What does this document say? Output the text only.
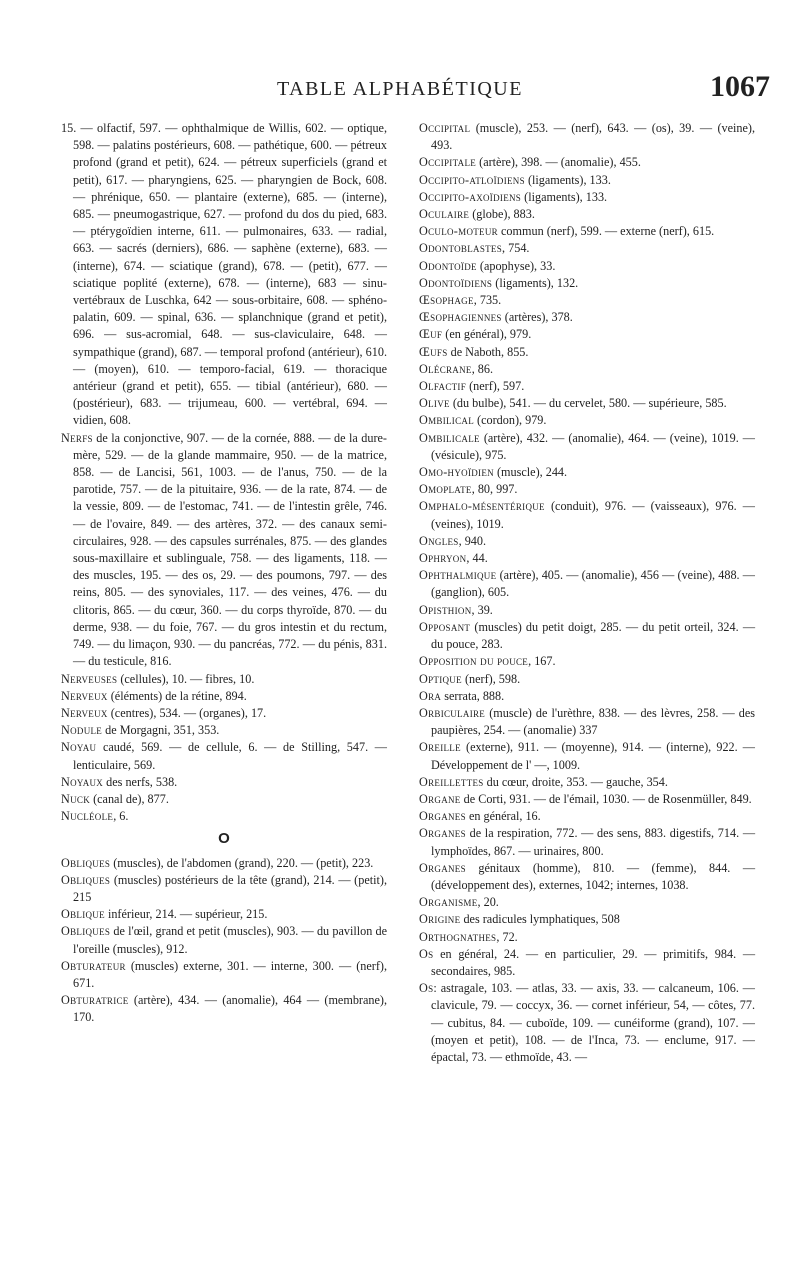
TABLE ALPHABÉTIQUE	1067

15. — olfactif, 597. — ophthalmique de Willis, 602. — optique, 598. — palatins postérieurs, 608. — pathétique, 600. — pétreux profond (grand et petit), 624. — pétreux superficiels (grand et petit), 617. — pharyngiens, 625. — pharyngien de Bock, 608. — phrénique, 650. — plantaire (externe), 685. — (interne), 685. — pneumogastrique, 627. — profond du dos du pied, 683. — ptérygoïdien interne, 611. — pulmonaires, 633. — radial, 663. — sacrés (derniers), 686. — saphène (externe), 683. — (interne), 674. — sciatique (grand), 678. — (petit), 677. — sciatique poplité (externe), 678. — (interne), 683 — sinu-vertébraux de Luschka, 642 — sous-orbitaire, 608. — sphéno-palatin, 609. — spinal, 636. — splanchnique (grand et petit), 696. — sus-acromial, 648. — sus-claviculaire, 648. — sympathique (grand), 687. — temporal profond (antérieur), 610. — (moyen), 610. — temporo-facial, 619. — thoracique antérieur (grand et petit), 655. — tibial (antérieur), 680. — (postérieur), 683. — trijumeau, 600. — vertébral, 694. — vidien, 608.

Nerfs de la conjonctive, 907. — de la cornée, 888. — de la dure-mère, 529. — de la glande mammaire, 950. — de la matrice, 858. — de Lancisi, 561, 1003. — de l'anus, 750. — de la parotide, 757. — de la pituitaire, 936. — de la rate, 874. — de la vessie, 809. — de l'estomac, 741. — de l'intestin grêle, 746. — de l'ovaire, 849. — des artères, 372. — des canaux semi-circulaires, 928. — des capsules surrénales, 875. — des glandes sous-maxillaire et sublinguale, 758. — des ligaments, 118. — des muscles, 195. — des os, 29. — des poumons, 797. — des reins, 805. — des synoviales, 117. — des veines, 476. — du clitoris, 865. — du cœur, 360. — du corps thyroïde, 870. — du derme, 938. — du foie, 767. — du gros intestin et du rectum, 749. — du limaçon, 930. — du pancréas, 772. — du pénis, 831. — du testicule, 816.

Nerveuses (cellules), 10. — fibres, 10.

Nerveux (éléments) de la rétine, 894.

Nerveux (centres), 534. — (organes), 17.

Nodule de Morgagni, 351, 353.

Noyau caudé, 569. — de cellule, 6. — de Stilling, 547. — lenticulaire, 569.

Noyaux des nerfs, 538.

Nuck (canal de), 877.

Nucléole, 6.

O

Obliques (muscles), de l'abdomen (grand), 220. — (petit), 223.

Obliques (muscles) postérieurs de la tête (grand), 214. — (petit), 215

Oblique inférieur, 214. — supérieur, 215.

Obliques de l'œil, grand et petit (muscles), 903. — du pavillon de l'oreille (muscles), 912.

Obturateur (muscles) externe, 301. — interne, 300. — (nerf), 671.

Obturatrice (artère), 434. — (anomalie), 464 — (membrane), 170.

Occipital (muscle), 253. — (nerf), 643. — (os), 39. — (veine), 493.

Occipitale (artère), 398. — (anomalie), 455.

Occipito-atloïdiens (ligaments), 133.

Occipito-axoïdiens (ligaments), 133.

Oculaire (globe), 883.

Oculo-moteur commun (nerf), 599. — externe (nerf), 615.

Odontoblastes, 754.

Odontoïde (apophyse), 33.

Odontoïdiens (ligaments), 132.

Œsophage, 735.

Œsophagiennes (artères), 378.

Œuf (en général), 979.

Œufs de Naboth, 855.

Olécrane, 86.

Olfactif (nerf), 597.

Olive (du bulbe), 541. — du cervelet, 580. — supérieure, 585.

Ombilical (cordon), 979.

Ombilicale (artère), 432. — (anomalie), 464. — (veine), 1019. — (vésicule), 975.

Omo-hyoïdien (muscle), 244.

Omoplate, 80, 997.

Omphalo-mésentérique (conduit), 976. — (vaisseaux), 976. — (veines), 1019.

Ongles, 940.

Ophryon, 44.

Ophthalmique (artère), 405. — (anomalie), 456 — (veine), 488. — (ganglion), 605.

Opisthion, 39.

Opposant (muscles) du petit doigt, 285. — du petit orteil, 324. — du pouce, 283.

Opposition du pouce, 167.

Optique (nerf), 598.

Ora serrata, 888.

Orbiculaire (muscle) de l'urèthre, 838. — des lèvres, 258. — des paupières, 254. — (anomalie) 337

Oreille (externe), 911. — (moyenne), 914. — (interne), 922. — Développement de l' —, 1009.

Oreillettes du cœur, droite, 353. — gauche, 354.

Organe de Corti, 931. — de l'émail, 1030. — de Rosenmüller, 849.

Organes en général, 16.

Organes de la respiration, 772. — des sens, 883. digestifs, 714. — lymphoïdes, 867. — urinaires, 800.

Organes génitaux (homme), 810. — (femme), 844. — (développement des), externes, 1042; internes, 1038.

Organisme, 20.

Origine des radicules lymphatiques, 508

Orthognathes, 72.

Os en général, 24. — en particulier, 29. — primitifs, 984. — secondaires, 985.

Os: astragale, 103. — atlas, 33. — axis, 33. — calcaneum, 106. — clavicule, 79. — coccyx, 36. — cornet inférieur, 54, — côtes, 77. — cubitus, 84. — cuboïde, 109. — cunéiforme (grand), 107. — (moyen et petit), 108. — de l'Inca, 73. — enclume, 917. — épactal, 73. — ethmoïde, 43. —
